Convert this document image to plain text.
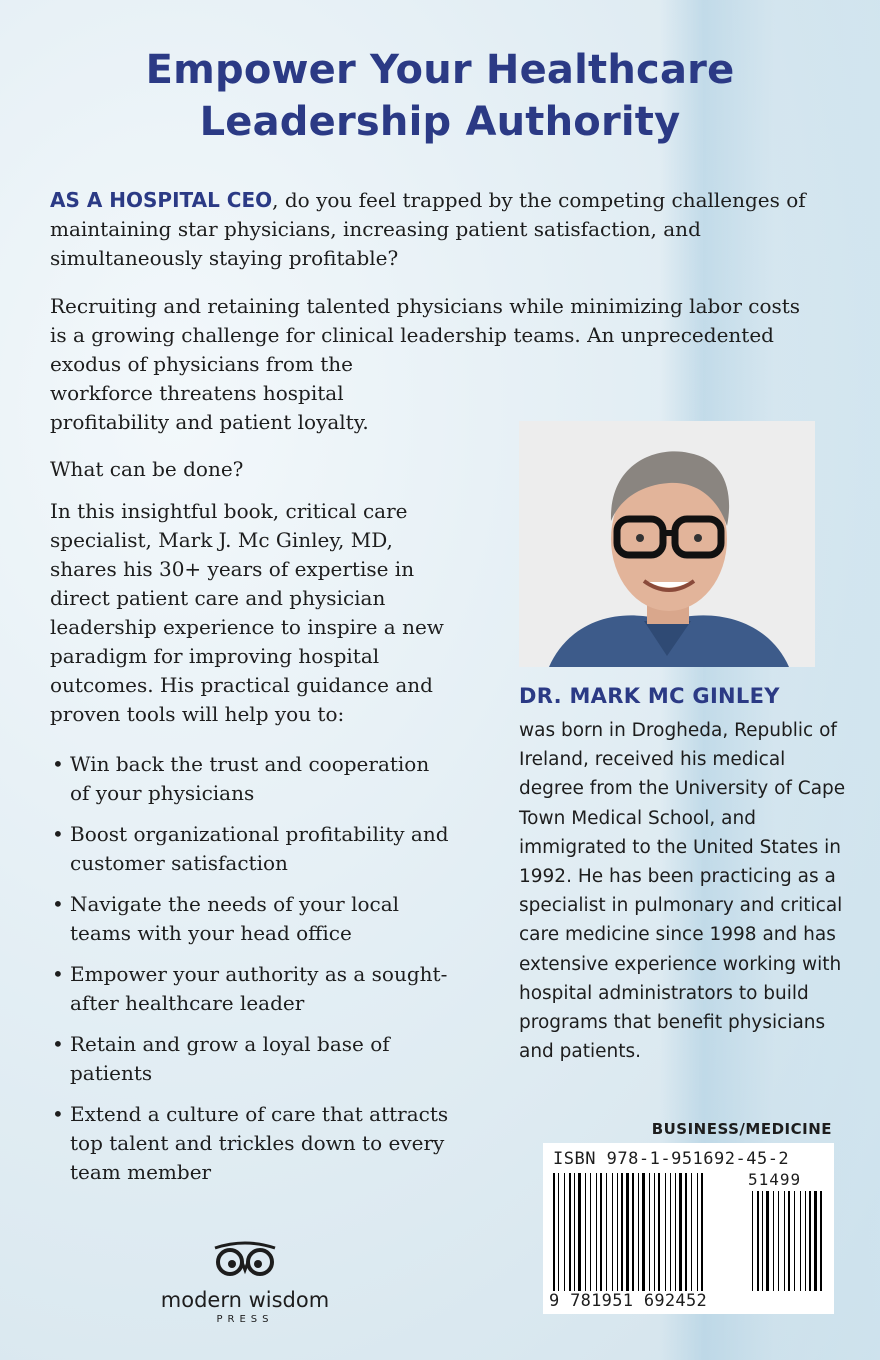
Empower Your Healthcare
Leadership Authority
AS A HOSPITAL CEO, do you feel trapped by the competing challenges of maintaining star physicians, increasing patient satisfaction, and simultaneously staying profitable?
Recruiting and retaining talented physicians while minimizing labor costs
is a growing challenge for clinical leadership teams. An unprecedented
exodus of physicians from the
workforce threatens hospital
profitability and patient loyalty.
What can be done?
In this insightful book, critical care specialist, Mark J. Mc Ginley, MD, shares his 30+ years of expertise in direct patient care and physician leadership experience to inspire a new paradigm for improving hospital outcomes. His practical guidance and proven tools will help you to:
• Win back the trust and cooperation of your physicians
• Boost organizational profitability and customer satisfaction
• Navigate the needs of your local teams with your head office
• Empower your authority as a sought-after healthcare leader
• Retain and grow a loyal base of patients
• Extend a culture of care that attracts top talent and trickles down to every team member
DR. MARK MC GINLEY
was born in Drogheda, Republic of Ireland, received his medical degree from the University of Cape Town Medical School, and immigrated to the United States in 1992. He has been practicing as a specialist in pulmonary and critical care medicine since 1998 and has extensive experience working with hospital administrators to build programs that benefit physicians and patients.
BUSINESS/MEDICINE
ISBN 978-1-951692-45-2
51499
9 781951 692452
modern wisdom
PRESS
